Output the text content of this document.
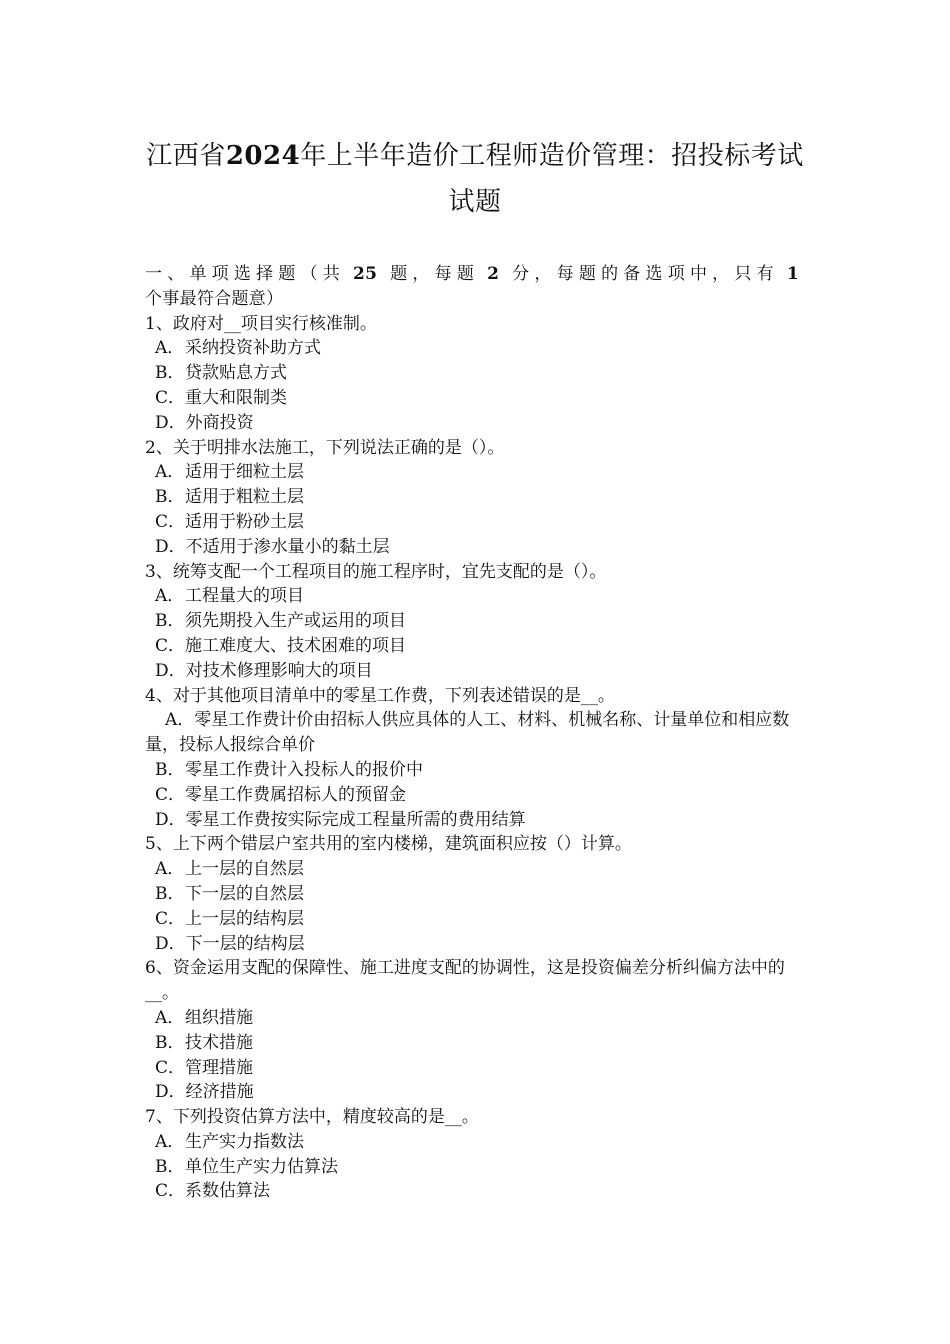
江西省2024年上半年造价工程师造价管理：招投标考试试题
一、单项选择题（共 25 题，每题 2 分，每题的备选项中，只有 1个事最符合题意）
1、政府对__项目实行核准制。
A．采纳投资补助方式
B．贷款贴息方式
C．重大和限制类
D．外商投资
2、关于明排水法施工，下列说法正确的是（）。
A．适用于细粒土层
B．适用于粗粒土层
C．适用于粉砂土层
D．不适用于渗水量小的黏土层
3、统筹支配一个工程项目的施工程序时，宜先支配的是（）。
A．工程量大的项目
B．须先期投入生产或运用的项目
C．施工难度大、技术困难的项目
D．对技术修理影响大的项目
4、对于其他项目清单中的零星工作费，下列表述错误的是__。
A．零星工作费计价由招标人供应具体的人工、材料、机械名称、计量单位和相应数量，投标人报综合单价
B．零星工作费计入投标人的报价中
C．零星工作费属招标人的预留金
D．零星工作费按实际完成工程量所需的费用结算
5、上下两个错层户室共用的室内楼梯，建筑面积应按（）计算。
A．上一层的自然层
B．下一层的自然层
C．上一层的结构层
D．下一层的结构层
6、资金运用支配的保障性、施工进度支配的协调性，这是投资偏差分析纠偏方法中的__。
A．组织措施
B．技术措施
C．管理措施
D．经济措施
7、下列投资估算方法中，精度较高的是__。
A．生产实力指数法
B．单位生产实力估算法
C．系数估算法
